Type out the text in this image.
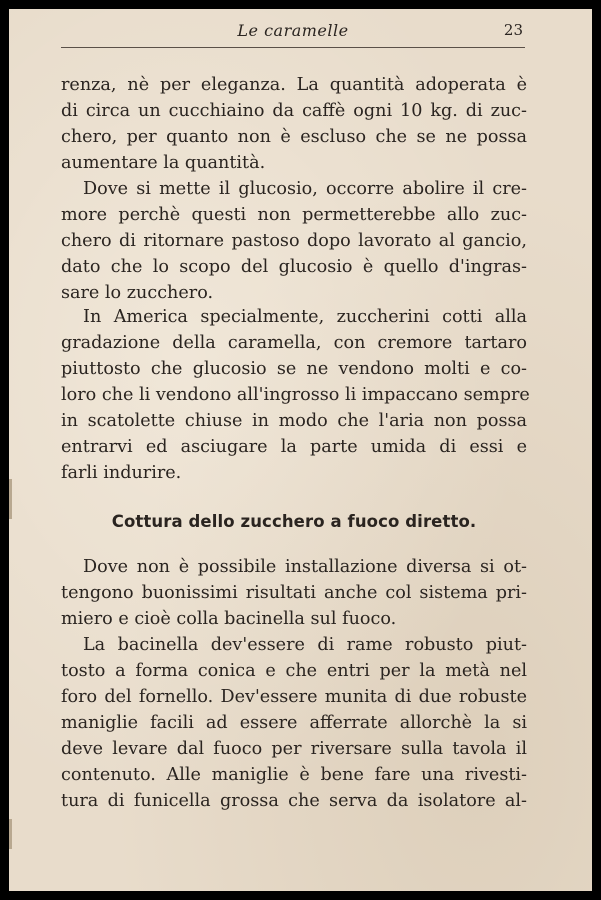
Le caramelle	23
renza, nè per eleganza. La quantità adoperata è
di circa un cucchiaino da caffè ogni 10 kg. di zuc-
chero, per quanto non è escluso che se ne possa
aumentare la quantità.
Dove si mette il glucosio, occorre abolire il cre-
more perchè questi non permetterebbe allo zuc-
chero di ritornare pastoso dopo lavorato al gancio,
dato che lo scopo del glucosio è quello d'ingras-
sare lo zucchero.
In America specialmente, zuccherini cotti alla
gradazione della caramella, con cremore tartaro
piuttosto che glucosio se ne vendono molti e co-
loro che li vendono all'ingrosso li impaccano sempre
in scatolette chiuse in modo che l'aria non possa
entrarvi ed asciugare la parte umida di essi e
farli indurire.
Cottura dello zucchero a fuoco diretto.
Dove non è possibile installazione diversa si ot-
tengono buonissimi risultati anche col sistema pri-
miero e cioè colla bacinella sul fuoco.
La bacinella dev'essere di rame robusto piut-
tosto a forma conica e che entri per la metà nel
foro del fornello. Dev'essere munita di due robuste
maniglie facili ad essere afferrate allorchè la si
deve levare dal fuoco per riversare sulla tavola il
contenuto. Alle maniglie è bene fare una rivesti-
tura di funicella grossa che serva da isolatore al-
